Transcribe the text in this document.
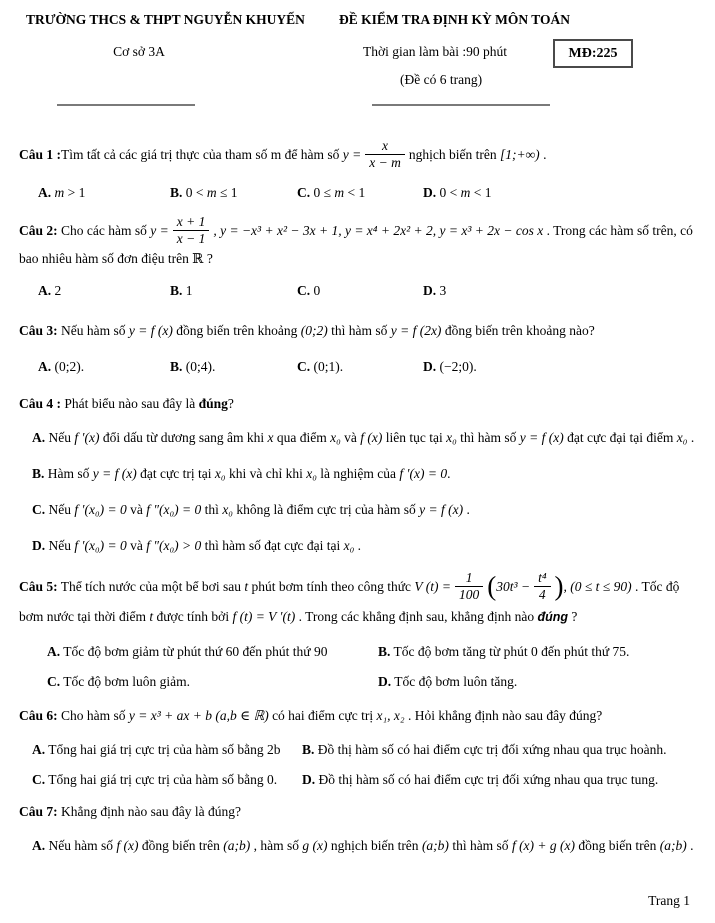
TRƯỜNG THCS & THPT NGUYỄN KHUYẾN	ĐỀ KIỂM TRA ĐỊNH KỲ MÔN TOÁN
Cơ sở 3A	Thời gian làm bài :90 phút
(Đề có 6 trang)
MĐ:225

Câu 1 :Tìm tất cả các giá trị thực của tham số m để hàm số $y = \frac{x}{x - m}$ nghịch biến trên [1;+∞) .

A. m > 1	B. 0 < m ≤ 1	C. 0 ≤ m < 1	D. 0 < m < 1

Câu 2: Cho các hàm số $y = \frac{x + 1}{x - 1}$ , y = −x³ + x² − 3x + 1, y = x⁴ + 2x² + 2, y = x³ + 2x − cos x . Trong các hàm số trên, có bao nhiêu hàm số đơn điệu trên ℝ ?

A. 2	B. 1	C. 0	D. 3

Câu 3: Nếu hàm số y = f (x) đồng biến trên khoảng (0;2) thì hàm số y = f (2x) đồng biến trên khoảng nào?

A. (0;2).	B. (0;4).	C. (0;1).	D. (−2;0).

Câu 4 : Phát biểu nào sau đây là đúng?

A. Nếu f ′(x) đổi dấu từ dương sang âm khi x qua điểm x₀ và f (x) liên tục tại x₀ thì hàm số y = f (x) đạt cực đại tại điểm x₀ .

B. Hàm số y = f (x) đạt cực trị tại x₀ khi và chỉ khi x₀ là nghiệm của f ′(x) = 0.

C. Nếu f ′(x₀) = 0 và f ″(x₀) = 0 thì x₀ không là điểm cực trị của hàm số y = f (x) .

D. Nếu f ′(x₀) = 0 và f ″(x₀) > 0 thì hàm số đạt cực đại tại x₀ .

Câu 5: Thể tích nước của một bể bơi sau t phút bơm tính theo công thức V $(t) = \frac{1}{100} (30t^3 - \frac{\text{t⁴}}{4}$ ), (0 ≤ t ≤ 90) . Tốc độ bơm nước tại thời điểm t được tính bởi f (t) = V ′(t) . Trong các khẳng định sau, khẳng định nào đúng ?

A. Tốc độ bơm giảm từ phút thứ 60 đến phút thứ 90	B. Tốc độ bơm tăng từ phút 0 đến phút thứ 75.
C. Tốc độ bơm luôn giảm.	D. Tốc độ bơm luôn tăng.

Câu 6: Cho hàm số y = x³ + ax + b (a,b ∈ ℝ) có hai điểm cực trị x₁, x₂ . Hỏi khẳng định nào sau đây đúng?

A. Tổng hai giá trị cực trị của hàm số bằng 2b	B. Đồ thị hàm số có hai điểm cực trị đối xứng nhau qua trục hoành.
C. Tổng hai giá trị cực trị của hàm số bằng 0.	D. Đồ thị hàm số có hai điểm cực trị đối xứng nhau qua trục tung.

Câu 7: Khẳng định nào sau đây là đúng?

A. Nếu hàm số f (x) đồng biến trên (a;b) , hàm số g (x) nghịch biến trên (a;b) thì hàm số f (x) + g (x) đồng biến trên (a;b) .

Trang 1
